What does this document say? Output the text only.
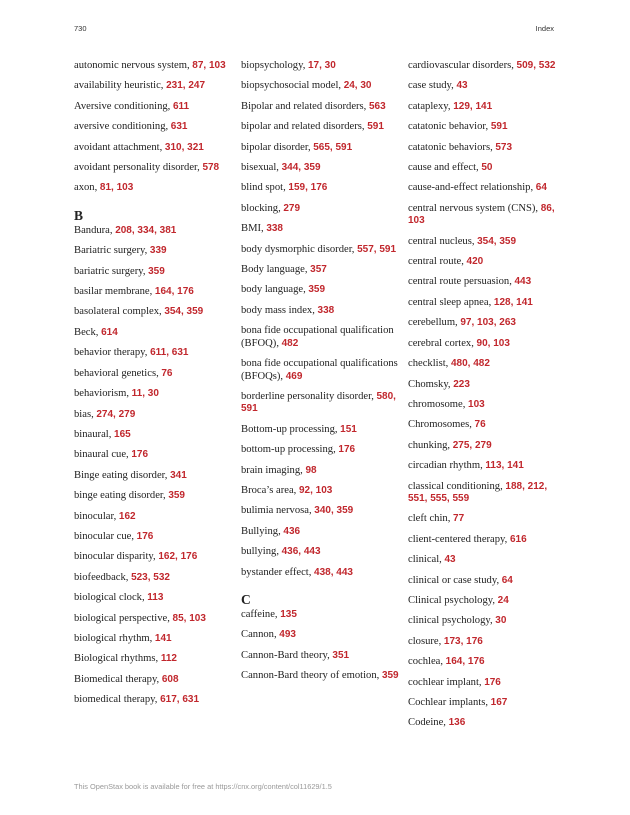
730	Index
autonomic nervous system, 87, 103
availability heuristic, 231, 247
Aversive conditioning, 611
aversive conditioning, 631
avoidant attachment, 310, 321
avoidant personality disorder, 578
axon, 81, 103
B
Bandura, 208, 334, 381
Bariatric surgery, 339
bariatric surgery, 359
basilar membrane, 164, 176
basolateral complex, 354, 359
Beck, 614
behavior therapy, 611, 631
behavioral genetics, 76
behaviorism, 11, 30
bias, 274, 279
binaural, 165
binaural cue, 176
Binge eating disorder, 341
binge eating disorder, 359
binocular, 162
binocular cue, 176
binocular disparity, 162, 176
biofeedback, 523, 532
biological clock, 113
biological perspective, 85, 103
biological rhythm, 141
Biological rhythms, 112
Biomedical therapy, 608
biomedical therapy, 617, 631
biopsychology, 17, 30
biopsychosocial model, 24, 30
Bipolar and related disorders, 563
bipolar and related disorders, 591
bipolar disorder, 565, 591
bisexual, 344, 359
blind spot, 159, 176
blocking, 279
BMI, 338
body dysmorphic disorder, 557, 591
Body language, 357
body language, 359
body mass index, 338
bona fide occupational qualification (BFOQ), 482
bona fide occupational qualifications (BFOQs), 469
borderline personality disorder, 580, 591
Bottom-up processing, 151
bottom-up processing, 176
brain imaging, 98
Broca’s area, 92, 103
bulimia nervosa, 340, 359
Bullying, 436
bullying, 436, 443
bystander effect, 438, 443
C
caffeine, 135
Cannon, 493
Cannon-Bard theory, 351
Cannon-Bard theory of emotion, 359
cardiovascular disorders, 509, 532
case study, 43
cataplexy, 129, 141
catatonic behavior, 591
catatonic behaviors, 573
cause and effect, 50
cause-and-effect relationship, 64
central nervous system (CNS), 86, 103
central nucleus, 354, 359
central route, 420
central route persuasion, 443
central sleep apnea, 128, 141
cerebellum, 97, 103, 263
cerebral cortex, 90, 103
checklist, 480, 482
Chomsky, 223
chromosome, 103
Chromosomes, 76
chunking, 275, 279
circadian rhythm, 113, 141
classical conditioning, 188, 212, 551, 555, 559
cleft chin, 77
client-centered therapy, 616
clinical, 43
clinical or case study, 64
Clinical psychology, 24
clinical psychology, 30
closure, 173, 176
cochlea, 164, 176
cochlear implant, 176
Cochlear implants, 167
Codeine, 136
This OpenStax book is available for free at https://cnx.org/content/col11629/1.5
